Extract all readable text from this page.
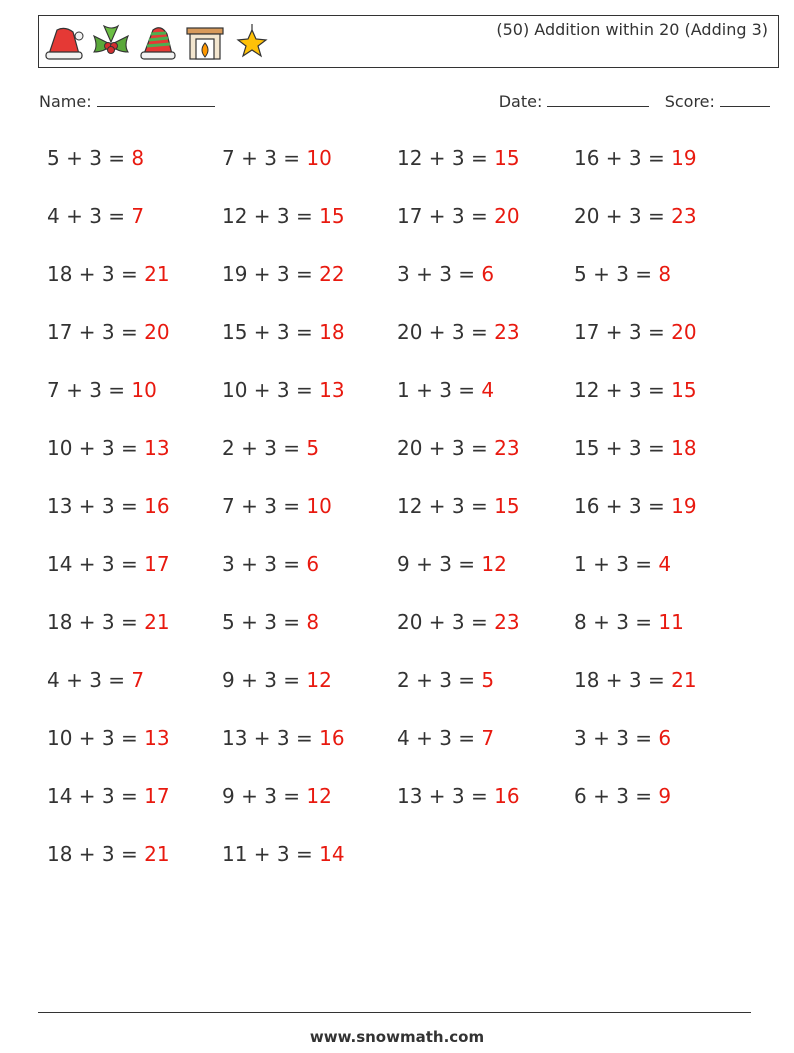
(50) Addition within 20 (Adding 3)
Name:	Date:	Score:
5 + 3 = 8	7 + 3 = 10	12 + 3 = 15	16 + 3 = 19
4 + 3 = 7	12 + 3 = 15	17 + 3 = 20	20 + 3 = 23
18 + 3 = 21	19 + 3 = 22	3 + 3 = 6	5 + 3 = 8
17 + 3 = 20	15 + 3 = 18	20 + 3 = 23	17 + 3 = 20
7 + 3 = 10	10 + 3 = 13	1 + 3 = 4	12 + 3 = 15
10 + 3 = 13	2 + 3 = 5	20 + 3 = 23	15 + 3 = 18
13 + 3 = 16	7 + 3 = 10	12 + 3 = 15	16 + 3 = 19
14 + 3 = 17	3 + 3 = 6	9 + 3 = 12	1 + 3 = 4
18 + 3 = 21	5 + 3 = 8	20 + 3 = 23	8 + 3 = 11
4 + 3 = 7	9 + 3 = 12	2 + 3 = 5	18 + 3 = 21
10 + 3 = 13	13 + 3 = 16	4 + 3 = 7	3 + 3 = 6
14 + 3 = 17	9 + 3 = 12	13 + 3 = 16	6 + 3 = 9
18 + 3 = 21	11 + 3 = 14
www.snowmath.com
